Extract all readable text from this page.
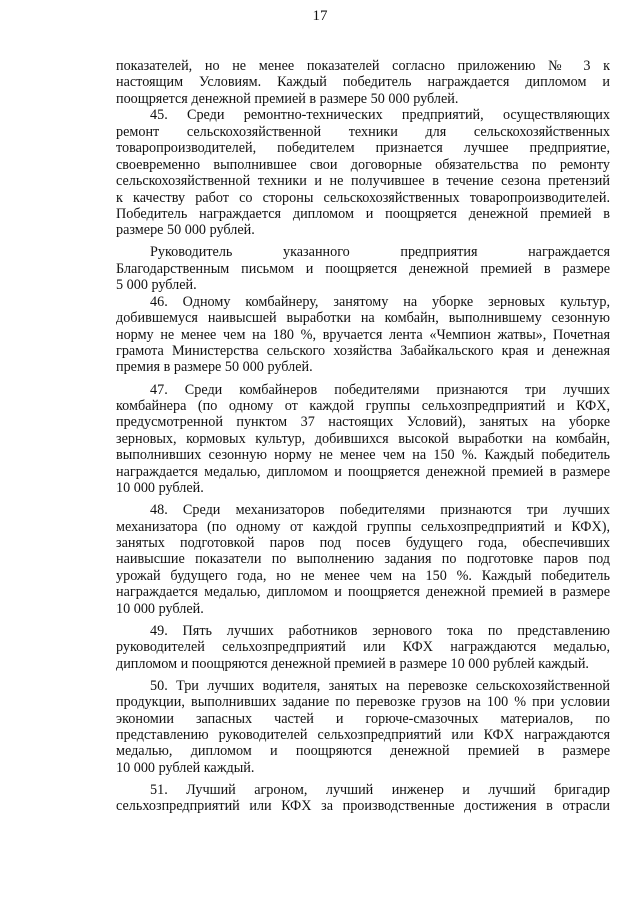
17
показателей, но не менее показателей согласно приложению № 3 к
настоящим Условиям. Каждый победитель награждается дипломом и
поощряется денежной премией в размере 50 000 рублей.
45. Среди ремонтно-технических предприятий, осуществляющих
ремонт сельскохозяйственной техники для сельскохозяйственных
товаропроизводителей, победителем признается лучшее предприятие,
своевременно выполнившее свои договорные обязательства по ремонту
сельскохозяйственной техники и не получившее в течение сезона претензий
к качеству работ со стороны сельскохозяйственных товаропроизводителей.
Победитель награждается дипломом и поощряется денежной премией в
размере 50 000 рублей.
Руководитель указанного предприятия награждается
Благодарственным письмом и поощряется денежной премией в размере
5 000 рублей.
46. Одному комбайнеру, занятому на уборке зерновых культур,
добившемуся наивысшей выработки на комбайн, выполнившему сезонную
норму не менее чем на 180 %, вручается лента «Чемпион жатвы», Почетная
грамота Министерства сельского хозяйства Забайкальского края и денежная
премия в размере 50 000 рублей.
47. Среди комбайнеров победителями признаются три лучших
комбайнера (по одному от каждой группы сельхозпредприятий и КФХ,
предусмотренной пунктом 37 настоящих Условий), занятых на уборке
зерновых, кормовых культур, добившихся высокой выработки на комбайн,
выполнивших сезонную норму не менее чем на 150 %. Каждый победитель
награждается медалью, дипломом и поощряется денежной премией в размере
10 000 рублей.
48. Среди механизаторов победителями признаются три лучших
механизатора (по одному от каждой группы сельхозпредприятий и КФХ),
занятых подготовкой паров под посев будущего года, обеспечивших
наивысшие показатели по выполнению задания по подготовке паров под
урожай будущего года, но не менее чем на 150 %. Каждый победитель
награждается медалью, дипломом и поощряется денежной премией в размере
10 000 рублей.
49. Пять лучших работников зернового тока по представлению
руководителей сельхозпредприятий или КФХ награждаются медалью,
дипломом и поощряются денежной премией в размере 10 000 рублей каждый.
50. Три лучших водителя, занятых на перевозке сельскохозяйственной
продукции, выполнивших задание по перевозке грузов на 100 % при условии
экономии запасных частей и горюче-смазочных материалов, по
представлению руководителей сельхозпредприятий или КФХ награждаются
медалью, дипломом и поощряются денежной премией в размере
10 000 рублей каждый.
51. Лучший агроном, лучший инженер и лучший бригадир
сельхозпредприятий или КФХ за производственные достижения в отрасли
